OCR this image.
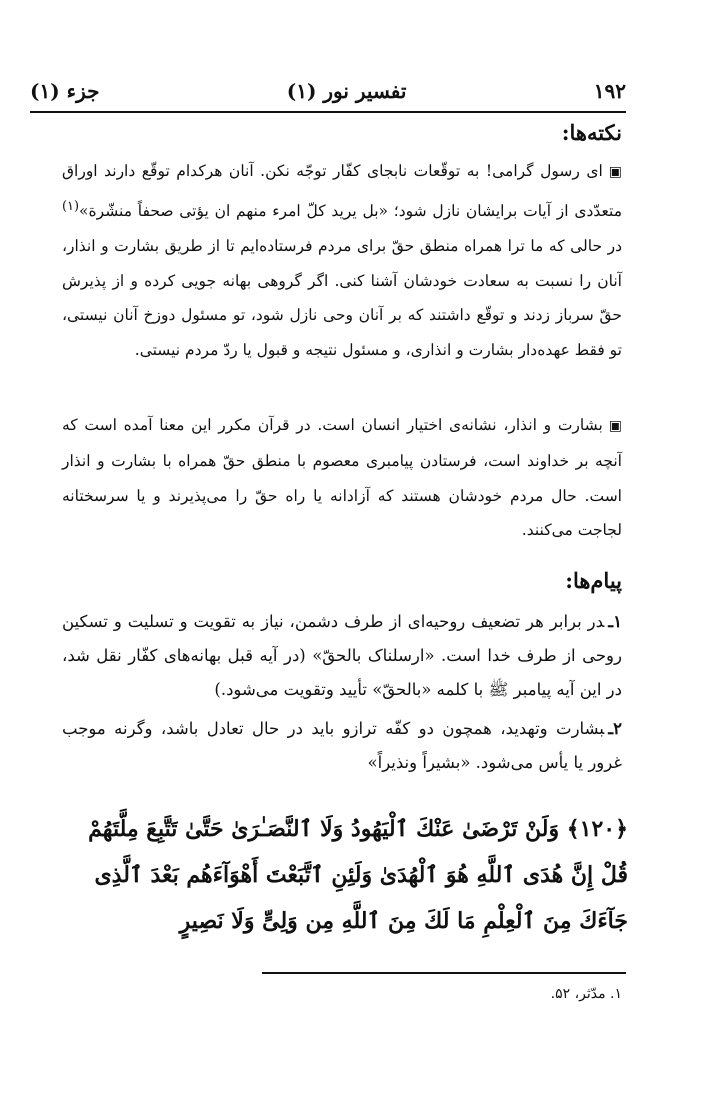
۱۹۲
تفسیر نور (۱)
جزء (۱)
نکته‌ها:

▣ ای رسول گرامی! به توقّعات نابجای کفّار توجّه نکن. آنان هرکدام توقّع دارند اوراق متعدّدی از آیات برایشان نازل شود؛ «بل یرید کلّ امرء منهم ان یؤتی صحفاً منشّرة»$^{(۱)}$ در حالی که ما ترا همراه منطق حقّ برای مردم فرستاده‌ایم تا از طریق بشارت و انذار، آنان را نسبت به سعادت خودشان آشنا کنی. اگر گروهی بهانه جویی کرده و از پذیرش حقّ سرباز زدند و توقّع داشتند که بر آنان وحی نازل شود، تو مسئول دوزخ آنان نیستی، تو فقط عهده‌دار بشارت و انذاری، و مسئول نتیجه و قبول یا ردّ مردم نیستی.

▣ بشارت و انذار، نشانه‌ی اختیار انسان است. در قرآن مکرر این معنا آمده است که آنچه بر خداوند است، فرستادن پیامبری معصوم با منطق حقّ همراه با بشارت و انذار است. حال مردم خودشان هستند که آزادانه یا راه حقّ را می‌پذیرند و یا سرسختانه لجاجت می‌کنند.

پیام‌ها:

۱ـدر برابر هر تضعیف روحیه‌ای از طرف دشمن، نیاز به تقویت و تسلیت و تسکین روحی از طرف خدا است. «ارسلناک بالحقّ» (در آیه قبل بهانه‌های کفّار نقل شد، در این آیه پیامبر ﷺ با کلمه «بالحقّ» تأیید وتقویت می‌شود.)

۲ـبشارت وتهدید، همچون دو کفّه ترازو باید در حال تعادل باشد، وگرنه موجب غرور یا یأس می‌شود. «بشیراً ونذیراً»

﴿۱۲۰﴾ وَلَنْ تَرْضَىٰ عَنْكَ ٱلْيَهُودُ وَلَا ٱلنَّصَـٰرَىٰ حَتَّىٰ تَتَّبِعَ مِلَّتَهُمْ قُلْ إِنَّ هُدَى ٱللَّهِ هُوَ ٱلْهُدَىٰ وَلَئِنِ ٱتَّبَعْتَ أَهْوَآءَهُم بَعْدَ ٱلَّذِى جَآءَكَ مِنَ ٱلْعِلْمِ مَا لَكَ مِنَ ٱللَّهِ مِن وَلِىٍّ وَلَا نَصِيرٍ

۱. مدّثر، ۵۲.
